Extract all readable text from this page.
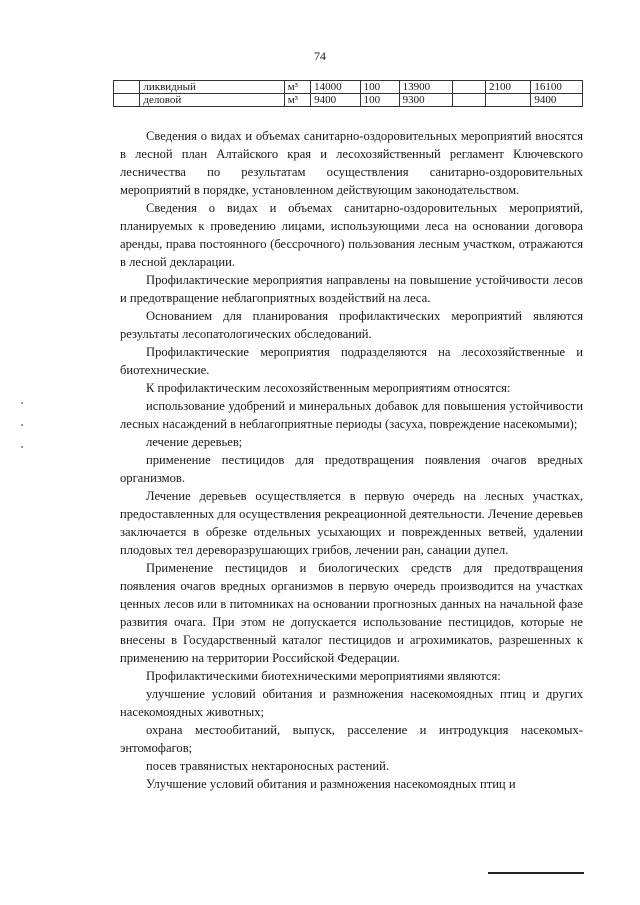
74
	ликвидный	м³	14000	100	13900		2100	16100
	деловой	м³	9400	100	9300			9400

Сведения о видах и объемах санитарно-оздоровительных мероприятий вносятся в лесной план Алтайского края и лесохозяйственный регламент Ключевского лесничества по результатам осуществления санитарно-оздоровительных мероприятий в порядке, установленном действующим законодательством.

Сведения о видах и объемах санитарно-оздоровительных мероприятий, планируемых к проведению лицами, использующими леса на основании договора аренды, права постоянного (бессрочного) пользования лесным участком, отражаются в лесной декларации.

Профилактические мероприятия направлены на повышение устойчивости лесов и предотвращение неблагоприятных воздействий на леса.

Основанием для планирования профилактических мероприятий являются результаты лесопатологических обследований.

Профилактические мероприятия подразделяются на лесохозяйственные и биотехнические.

К профилактическим лесохозяйственным мероприятиям относятся:

использование удобрений и минеральных добавок для повышения устойчивости лесных насаждений в неблагоприятные периоды (засуха, повреждение насекомыми);

лечение деревьев;

применение пестицидов для предотвращения появления очагов вредных организмов.

Лечение деревьев осуществляется в первую очередь на лесных участках, предоставленных для осуществления рекреационной деятельности. Лечение деревьев заключается в обрезке отдельных усыхающих и поврежденных ветвей, удалении плодовых тел дереворазрушающих грибов, лечении ран, санации дупел.

Применение пестицидов и биологических средств для предотвращения появления очагов вредных организмов в первую очередь производится на участках ценных лесов или в питомниках на основании прогнозных данных на начальной фазе развития очага. При этом не допускается использование пестицидов, которые не внесены в Государственный каталог пестицидов и агрохимикатов, разрешенных к применению на территории Российской Федерации.

Профилактическими биотехническими мероприятиями являются:

улучшение условий обитания и размножения насекомоядных птиц и других насекомоядных животных;

охрана местообитаний, выпуск, расселение и интродукция насекомых-энтомофагов;

посев травянистых нектароносных растений.

Улучшение условий обитания и размножения насекомоядных птиц и
